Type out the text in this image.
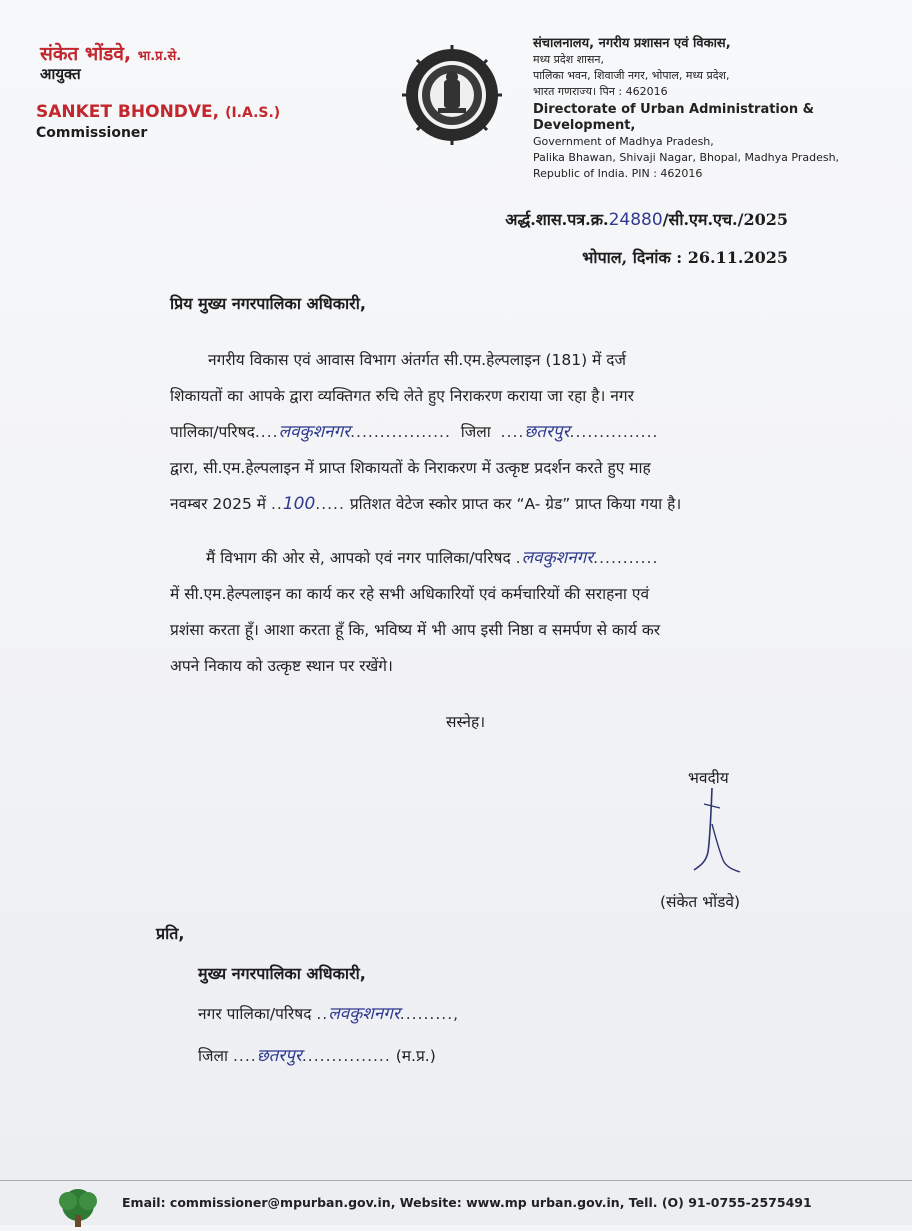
संकेत भोंडवे, भा.प्र.से.
आयुक्त
SANKET BHONDVE, (I.A.S.)
Commissioner
संचालनालय, नगरीय प्रशासन एवं विकास,
मध्य प्रदेश शासन,
पालिका भवन, शिवाजी नगर, भोपाल, मध्य प्रदेश,
भारत गणराज्य। पिन : 462016
Directorate of Urban Administration & Development,
Government of Madhya Pradesh,
Palika Bhawan, Shivaji Nagar, Bhopal, Madhya Pradesh,
Republic of India. PIN : 462016
अर्द्ध.शास.पत्र.क्र.24880/सी.एम.एच./2025
भोपाल, दिनांक : 26.11.2025
प्रिय मुख्य नगरपालिका अधिकारी,
नगरीय विकास एवं आवास विभाग अंतर्गत सी.एम.हेल्पलाइन (181) में दर्ज
शिकायतों का आपके द्वारा व्यक्तिगत रुचि लेते हुए निराकरण कराया जा रहा है। नगर
पालिका/परिषद....लवकुशनगर................. जिला ....छतरपुर...............
द्वारा, सी.एम.हेल्पलाइन में प्राप्त शिकायतों के निराकरण में उत्कृष्ट प्रदर्शन करते हुए माह
नवम्बर 2025 में ..100..... प्रतिशत वेटेज स्कोर प्राप्त कर “A- ग्रेड” प्राप्त किया गया है।
मैं विभाग की ओर से, आपको एवं नगर पालिका/परिषद .लवकुशनगर...........
में सी.एम.हेल्पलाइन का कार्य कर रहे सभी अधिकारियों एवं कर्मचारियों की सराहना एवं
प्रशंसा करता हूँ। आशा करता हूँ कि, भविष्य में भी आप इसी निष्ठा व समर्पण से कार्य कर
अपने निकाय को उत्कृष्ट स्थान पर रखेंगे।
सस्नेह।
भवदीय
(संकेत भोंडवे)
प्रति,
मुख्य नगरपालिका अधिकारी,
नगर पालिका/परिषद ..लवकुशनगर.........,
जिला ....छतरपुर............... (म.प्र.)
Email: commissioner@mpurban.gov.in, Website: www.mp urban.gov.in, Tell. (O) 91-0755-2575491
